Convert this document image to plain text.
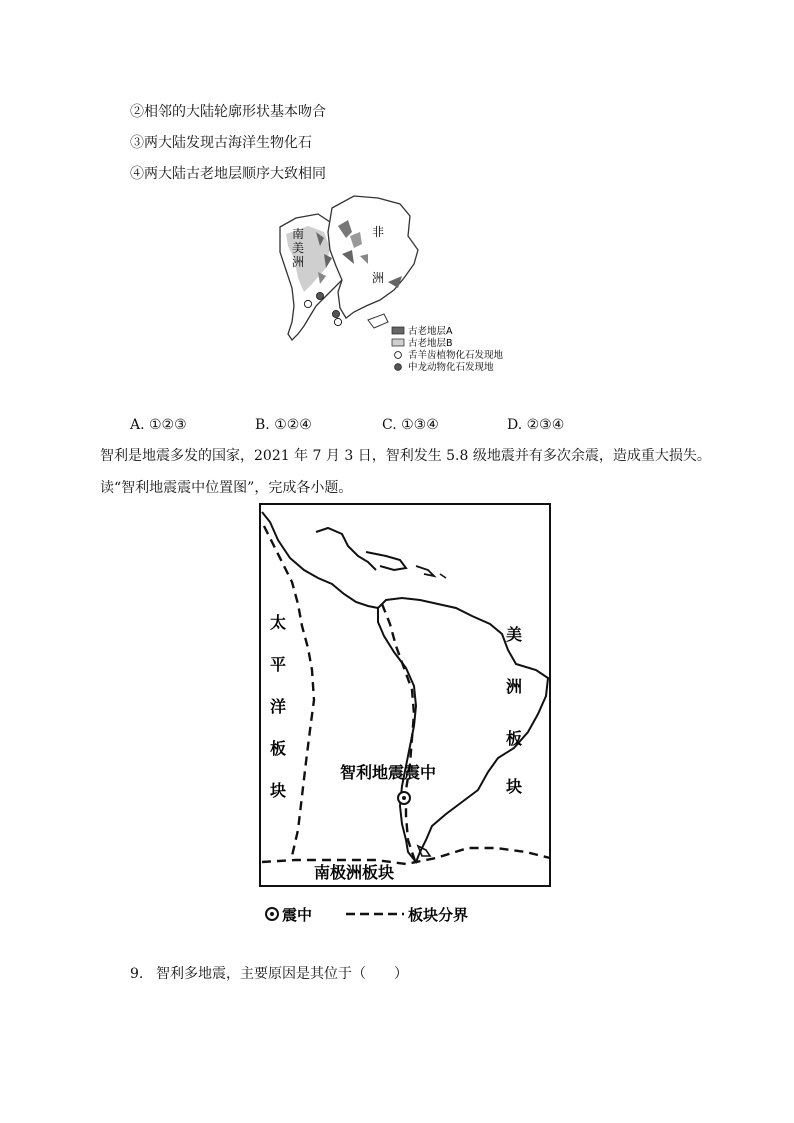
②相邻的大陆轮廓形状基本吻合
③两大陆发现古海洋生物化石
④两大陆古老地层顺序大致相同
南
美
洲
非
洲
古老地层A
古老地层B
舌羊齿植物化石发现地
中龙动物化石发现地
A. ①②③	B. ①②④	C. ①③④	D. ②③④
智利是地震多发的国家，2021 年 7 月 3 日，智利发生 5.8 级地震并有多次余震，造成重大损失。
读“智利地震震中位置图”，完成各小题。
太
平
洋
板
块
美
洲
板
块
智利地震震中
南极洲板块
震中	板块分界
9. 智利多地震，主要原因是其位于（　　）
